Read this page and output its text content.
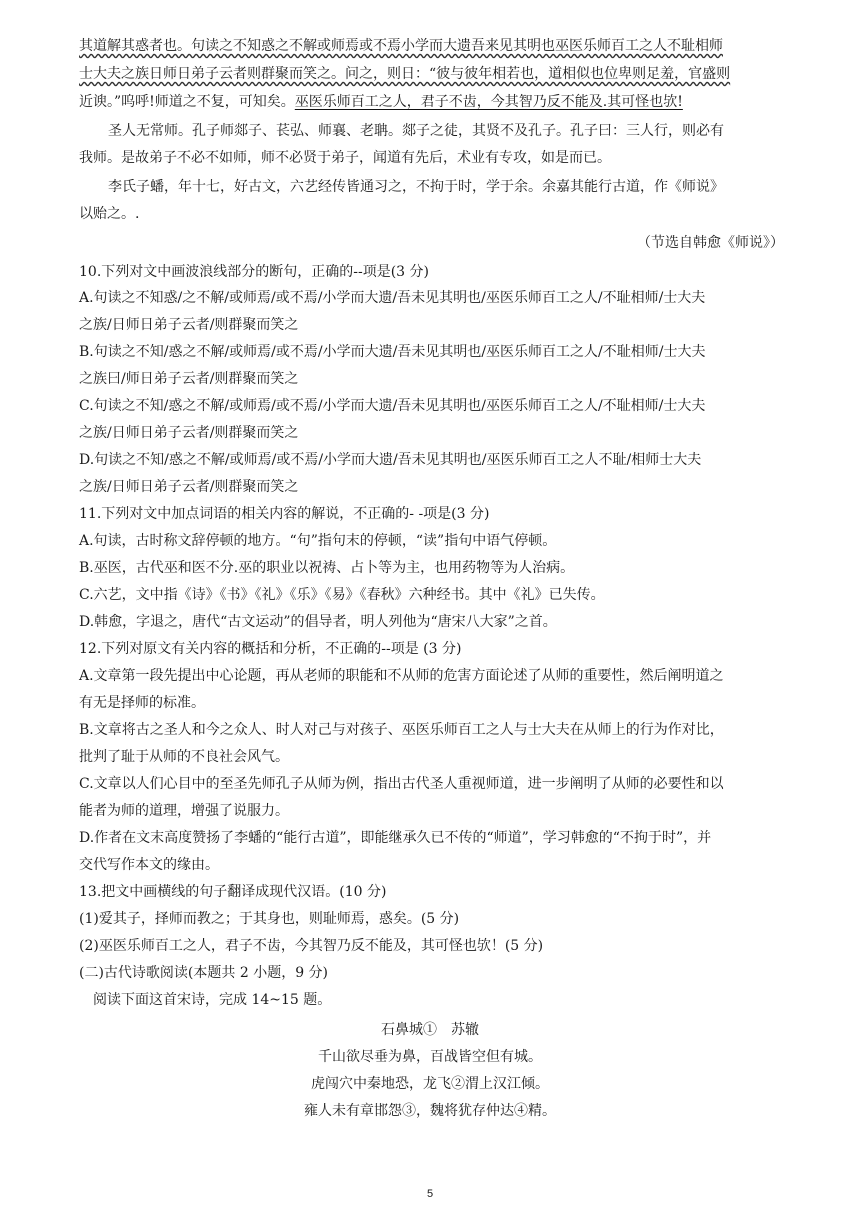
其道解其惑者也。句读之不知惑之不解或师焉或不焉小学而大遗吾来见其明也巫医乐师百工之人不耻相师
士大夫之族日师日弟子云者则群聚而笑之。问之，则日：“彼与彼年相若也，道相似也位卑则足羞，官盛则
近谀。”呜呼!师道之不复，可知矣。巫医乐师百工之人，君子不齿，今其智乃反不能及.其可怪也欤!
圣人无常师。孔子师郯子、苌弘、师襄、老聃。郯子之徒，其贤不及孔子。孔子曰：三人行，则必有
我师。是故弟子不必不如师，师不必贤于弟子，闻道有先后，术业有专攻，如是而已。
李氏子蟠，年十七，好古文，六艺经传皆通习之，不拘于时，学于余。余嘉其能行古道，作《师说》
以贻之。.
（节选自韩愈《师说》）
10.下列对文中画波浪线部分的断句，正确的--项是(3 分)
A.句读之不知惑/之不解/或师焉/或不焉/小学而大遗/吾未见其明也/巫医乐师百工之人/不耻相师/士大夫
之族/日师日弟子云者/则群聚而笑之
B.句读之不知/惑之不解/或师焉/或不焉/小学而大遗/吾未见其明也/巫医乐师百工之人/不耻相师/士大夫
之族曰/师日弟子云者/则群聚而笑之
C.句读之不知/惑之不解/或师焉/或不焉/小学而大遗/吾未见其明也/巫医乐师百工之人/不耻相师/士大夫
之族/日师日弟子云者/则群聚而笑之
D.句读之不知/惑之不解/或师焉/或不焉/小学而大遗/吾未见其明也/巫医乐师百工之人不耻/相师士大夫
之族/日师日弟子云者/则群聚而笑之
11.下列对文中加点词语的相关内容的解说，不正确的- -项是(3 分)
A.句读，古时称文辞停顿的地方。“句”指句末的停顿，“读”指句中语气停顿。
B.巫医，古代巫和医不分.巫的职业以祝祷、占卜等为主，也用药物等为人治病。
C.六艺，文中指《诗》《书》《礼》《乐》《易》《春秋》六种经书。其中《礼》已失传。
D.韩愈，字退之，唐代“古文运动”的倡导者，明人列他为“唐宋八大家”之首。
12.下列对原文有关内容的概括和分析，不正确的--项是 (3 分)
A.文章第一段先提出中心论题，再从老师的职能和不从师的危害方面论述了从师的重要性，然后阐明道之
有无是择师的标准。
B.文章将古之圣人和今之众人、时人对己与对孩子、巫医乐师百工之人与士大夫在从师上的行为作对比，
批判了耻于从师的不良社会风气。
C.文章以人们心目中的至圣先师孔子从师为例，指出古代圣人重视师道，进一步阐明了从师的必要性和以
能者为师的道理，增强了说服力。
D.作者在文末高度赞扬了李蟠的“能行古道”，即能继承久已不传的“师道”，学习韩愈的“不拘于时”，并
交代写作本文的缘由。
13.把文中画横线的句子翻译成现代汉语。(10 分)
(1)爱其子，择师而教之；于其身也，则耻师焉，惑矣。(5 分)
(2)巫医乐师百工之人，君子不齿，今其智乃反不能及，其可怪也欤！(5 分)
(二)古代诗歌阅读(本题共 2 小题，9 分)
阅读下面这首宋诗，完成 14~15 题。
石鼻城①　苏辙
千山欲尽垂为鼻，百战皆空但有城。
虎闯穴中秦地恐，龙飞②渭上汉江倾。
雍人未有章邯怨③，魏将犹存仲达④精。
5
